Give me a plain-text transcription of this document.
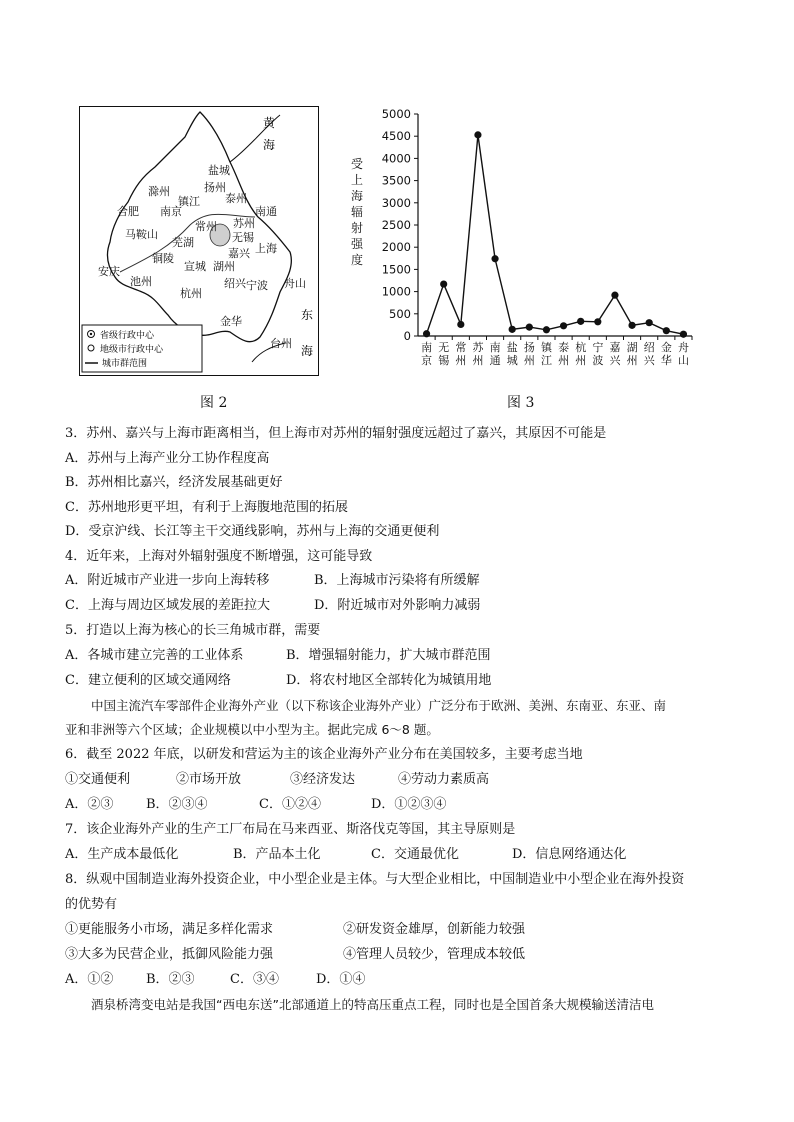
黄
海
东
海
盐城
扬州
滁州
南京
镇江 泰州
南通
合肥
常州 苏州
无锡
马鞍山
芜湖	上海
铜陵
宣城 湖州
嘉兴
安庆
池州
杭州
绍兴 宁波 舟山
金华
台州
省级行政中心
地级市行政中心
城市群范围
图 2
0
500
1000
1500
2000
2500
3000
3500
4000
4500
5000
受
上
海
辐
射
强
度
南
京
无
锡
常
州
苏
州
南
通
盐
城
扬
州
镇
江
泰
州
杭
州
宁
波
嘉
兴
湖
州
绍
兴
金
华
舟
山
图 3
3．苏州、嘉兴与上海市距离相当，但上海市对苏州的辐射强度远超过了嘉兴，其原因不可能是
A．苏州与上海产业分工协作程度高
B．苏州相比嘉兴，经济发展基础更好
C．苏州地形更平坦，有利于上海腹地范围的拓展
D．受京沪线、长江等主干交通线影响，苏州与上海的交通更便利
4．近年来，上海对外辐射强度不断增强，这可能导致
A．附近城市产业进一步向上海转移	B．上海城市污染将有所缓解
C．上海与周边区域发展的差距拉大	D．附近城市对外影响力减弱
5．打造以上海为核心的长三角城市群，需要
A．各城市建立完善的工业体系	B．增强辐射能力，扩大城市群范围
C．建立便利的区域交通网络	D．将农村地区全部转化为城镇用地
中国主流汽车零部件企业海外产业（以下称该企业海外产业）广泛分布于欧洲、美洲、东南亚、东亚、南
亚和非洲等六个区域；企业规模以中小型为主。据此完成 6～8 题。
6．截至 2022 年底，以研发和营运为主的该企业海外产业分布在美国较多，主要考虑当地
①交通便利	②市场开放	③经济发达	④劳动力素质高
A．②③	B．②③④	C．①②④	D．①②③④
7．该企业海外产业的生产工厂布局在马来西亚、斯洛伐克等国，其主导原则是
A．生产成本最低化	B．产品本土化	C．交通最优化	D．信息网络通达化
8．纵观中国制造业海外投资企业，中小型企业是主体。与大型企业相比，中国制造业中小型企业在海外投资
的优势有
①更能服务小市场，满足多样化需求	②研发资金雄厚，创新能力较强
③大多为民营企业，抵御风险能力强	④管理人员较少，管理成本较低
A．①②	B．②③	C．③④	D．①④
酒泉桥湾变电站是我国“西电东送”北部通道上的特高压重点工程，同时也是全国首条大规模输送清洁电
